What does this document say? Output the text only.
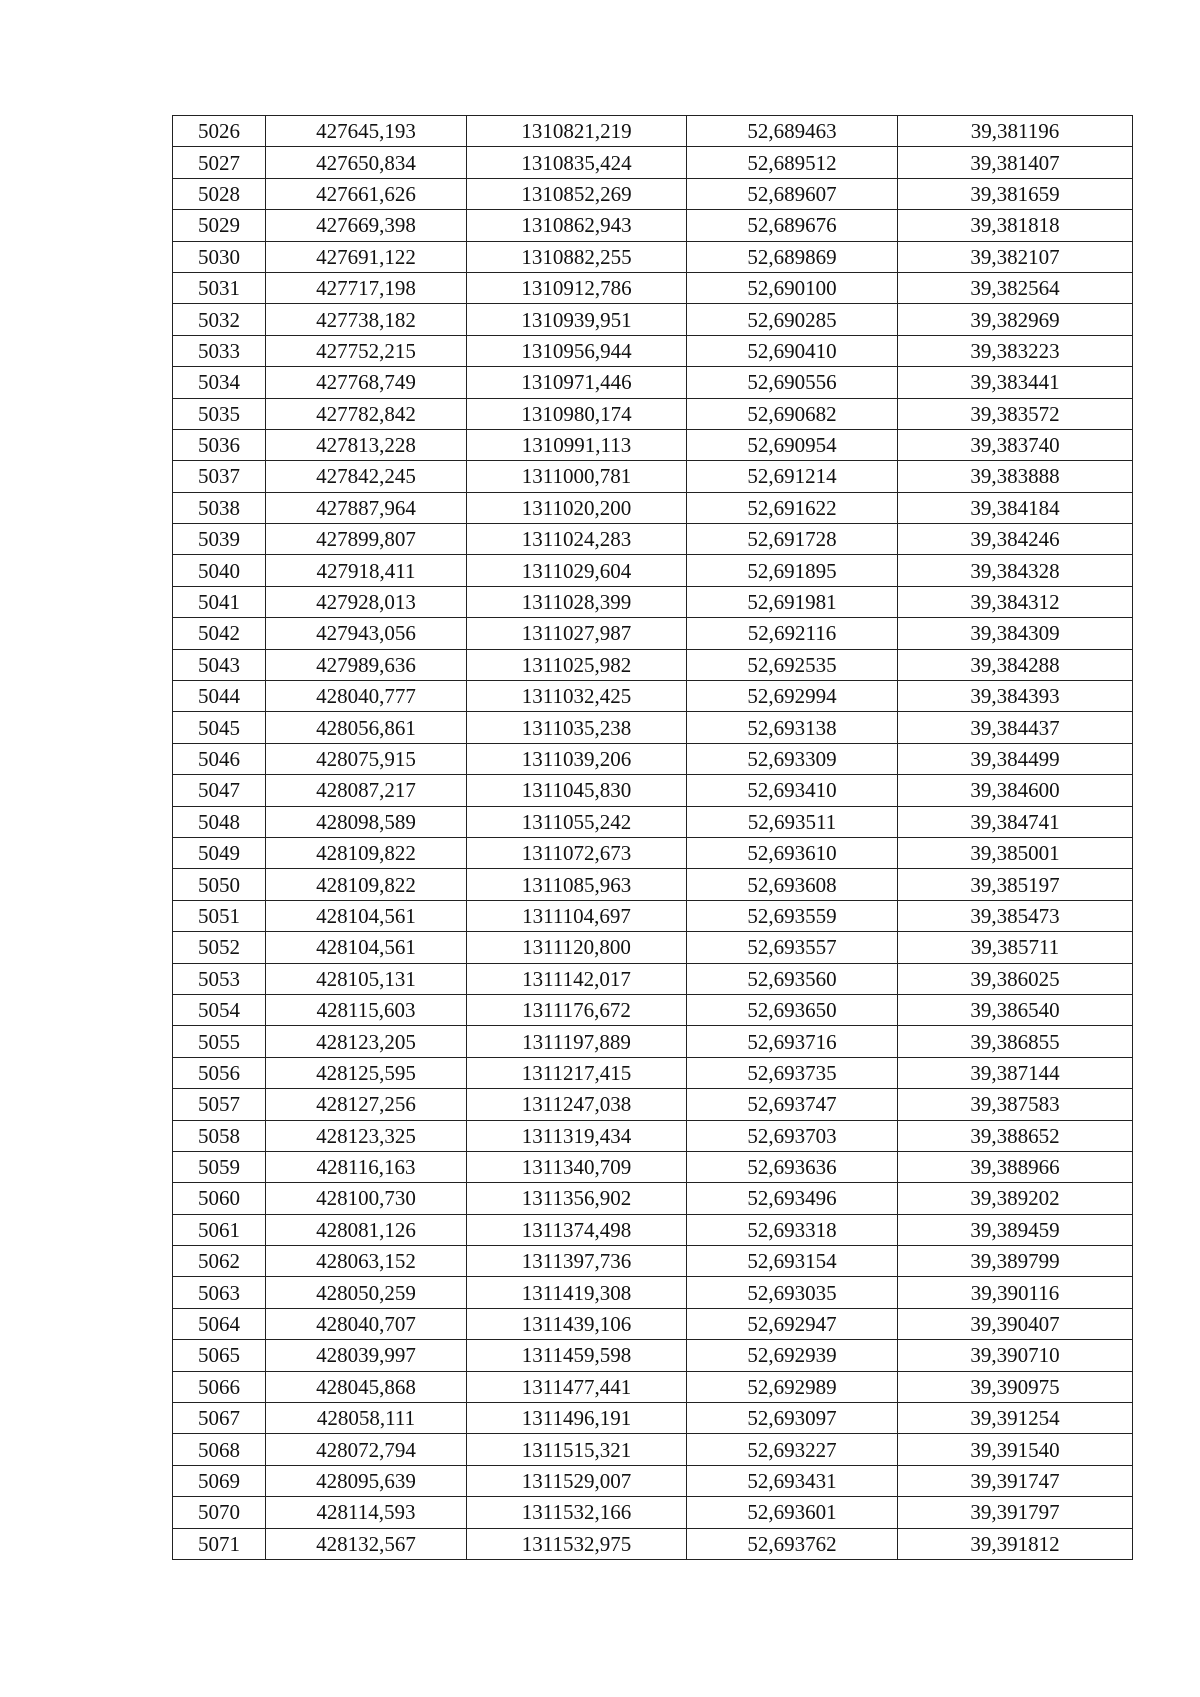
5026	427645,193	1310821,219	52,689463	39,381196
5027	427650,834	1310835,424	52,689512	39,381407
5028	427661,626	1310852,269	52,689607	39,381659
5029	427669,398	1310862,943	52,689676	39,381818
5030	427691,122	1310882,255	52,689869	39,382107
5031	427717,198	1310912,786	52,690100	39,382564
5032	427738,182	1310939,951	52,690285	39,382969
5033	427752,215	1310956,944	52,690410	39,383223
5034	427768,749	1310971,446	52,690556	39,383441
5035	427782,842	1310980,174	52,690682	39,383572
5036	427813,228	1310991,113	52,690954	39,383740
5037	427842,245	1311000,781	52,691214	39,383888
5038	427887,964	1311020,200	52,691622	39,384184
5039	427899,807	1311024,283	52,691728	39,384246
5040	427918,411	1311029,604	52,691895	39,384328
5041	427928,013	1311028,399	52,691981	39,384312
5042	427943,056	1311027,987	52,692116	39,384309
5043	427989,636	1311025,982	52,692535	39,384288
5044	428040,777	1311032,425	52,692994	39,384393
5045	428056,861	1311035,238	52,693138	39,384437
5046	428075,915	1311039,206	52,693309	39,384499
5047	428087,217	1311045,830	52,693410	39,384600
5048	428098,589	1311055,242	52,693511	39,384741
5049	428109,822	1311072,673	52,693610	39,385001
5050	428109,822	1311085,963	52,693608	39,385197
5051	428104,561	1311104,697	52,693559	39,385473
5052	428104,561	1311120,800	52,693557	39,385711
5053	428105,131	1311142,017	52,693560	39,386025
5054	428115,603	1311176,672	52,693650	39,386540
5055	428123,205	1311197,889	52,693716	39,386855
5056	428125,595	1311217,415	52,693735	39,387144
5057	428127,256	1311247,038	52,693747	39,387583
5058	428123,325	1311319,434	52,693703	39,388652
5059	428116,163	1311340,709	52,693636	39,388966
5060	428100,730	1311356,902	52,693496	39,389202
5061	428081,126	1311374,498	52,693318	39,389459
5062	428063,152	1311397,736	52,693154	39,389799
5063	428050,259	1311419,308	52,693035	39,390116
5064	428040,707	1311439,106	52,692947	39,390407
5065	428039,997	1311459,598	52,692939	39,390710
5066	428045,868	1311477,441	52,692989	39,390975
5067	428058,111	1311496,191	52,693097	39,391254
5068	428072,794	1311515,321	52,693227	39,391540
5069	428095,639	1311529,007	52,693431	39,391747
5070	428114,593	1311532,166	52,693601	39,391797
5071	428132,567	1311532,975	52,693762	39,391812
